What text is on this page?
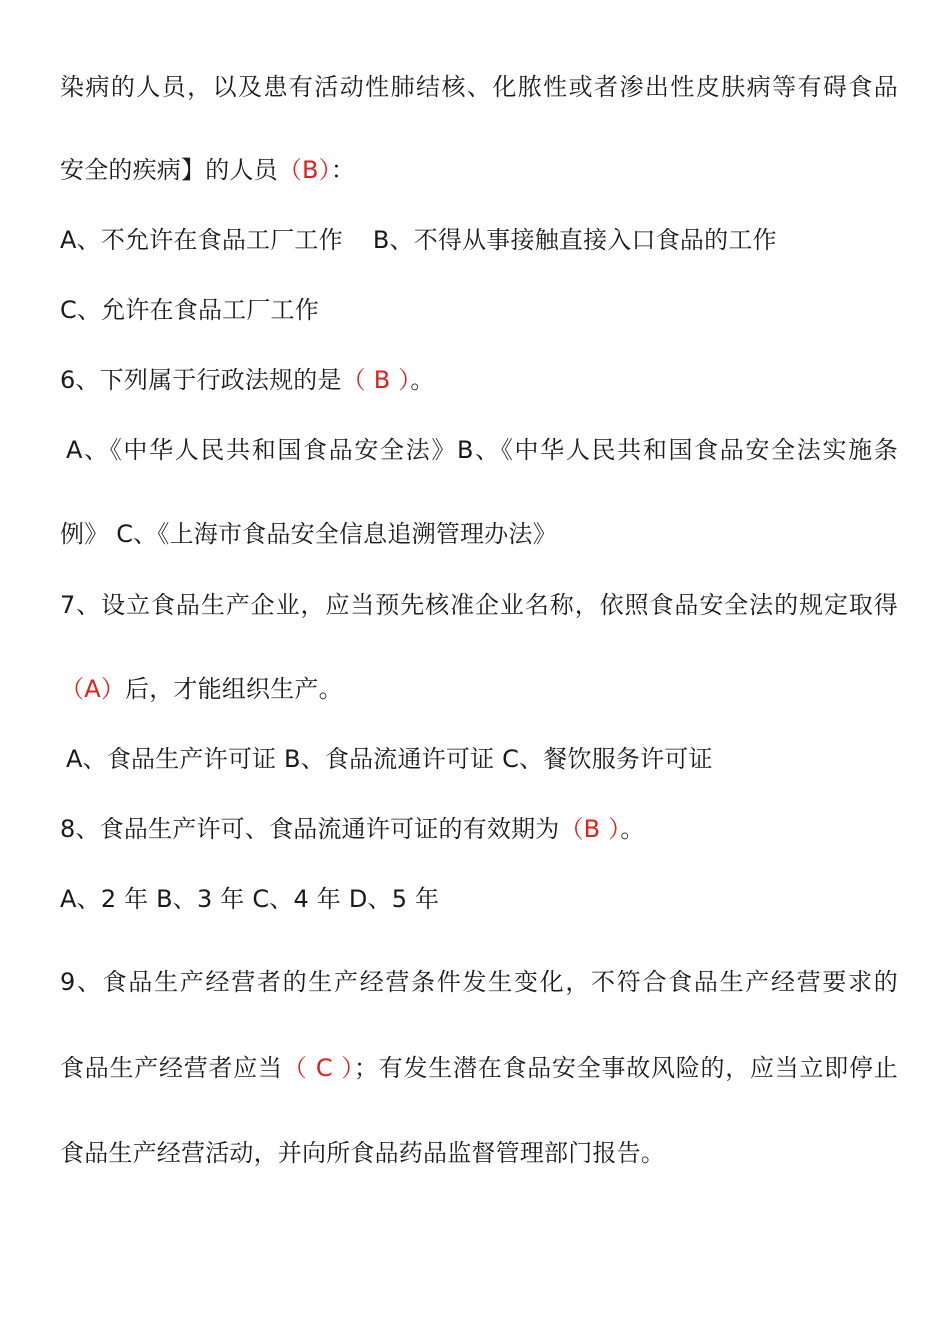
染病的人员，以及患有活动性肺结核、化脓性或者渗出性皮肤病等有碍食品
安全的疾病】的人员（B）：
A、不允许在食品工厂工作 B、不得从事接触直接入口食品的工作
C、允许在食品工厂工作
6、下列属于行政法规的是（ B ）。
A、《中华人民共和国食品安全法》B、《中华人民共和国食品安全法实施条
例》 C、《上海市食品安全信息追溯管理办法》
7、设立食品生产企业，应当预先核准企业名称，依照食品安全法的规定取得
（A）后，才能组织生产。
A、食品生产许可证 B、食品流通许可证 C、餐饮服务许可证
8、食品生产许可、食品流通许可证的有效期为（B ）。
A、2 年 B、3 年 C、4 年 D、5 年
9、食品生产经营者的生产经营条件发生变化，不符合食品生产经营要求的
食品生产经营者应当（ C ）；有发生潜在食品安全事故风险的，应当立即停止
食品生产经营活动，并向所食品药品监督管理部门报告。
